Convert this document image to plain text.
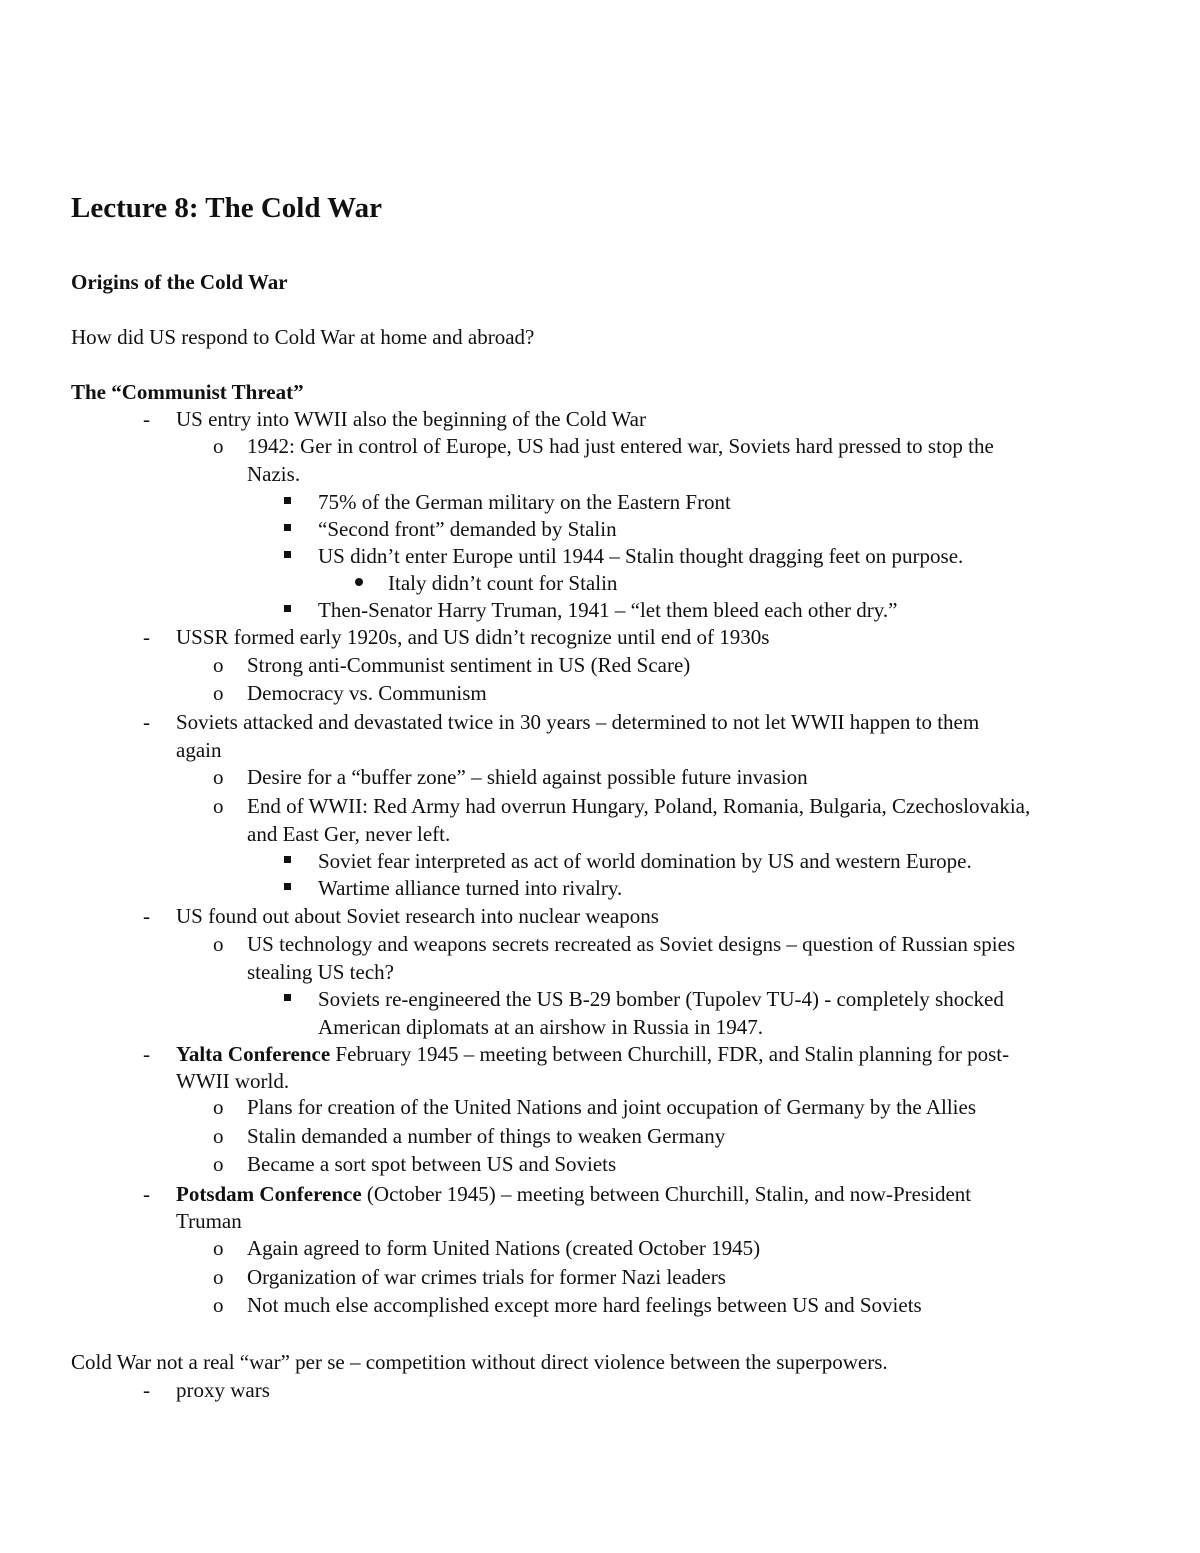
Lecture 8: The Cold War
Origins of the Cold War
How did US respond to Cold War at home and abroad?
The “Communist Threat”
- US entry into WWII also the beginning of the Cold War
o 1942: Ger in control of Europe, US had just entered war, Soviets hard pressed to stop the
Nazis.
75% of the German military on the Eastern Front
“Second front” demanded by Stalin
US didn’t enter Europe until 1944 – Stalin thought dragging feet on purpose.
Italy didn’t count for Stalin
Then-Senator Harry Truman, 1941 – “let them bleed each other dry.”
- USSR formed early 1920s, and US didn’t recognize until end of 1930s
o Strong anti-Communist sentiment in US (Red Scare)
o Democracy vs. Communism
- Soviets attacked and devastated twice in 30 years – determined to not let WWII happen to them
again
o Desire for a “buffer zone” – shield against possible future invasion
o End of WWII: Red Army had overrun Hungary, Poland, Romania, Bulgaria, Czechoslovakia,
and East Ger, never left.
Soviet fear interpreted as act of world domination by US and western Europe.
Wartime alliance turned into rivalry.
- US found out about Soviet research into nuclear weapons
o US technology and weapons secrets recreated as Soviet designs – question of Russian spies
stealing US tech?
Soviets re-engineered the US B-29 bomber (Tupolev TU-4) - completely shocked
American diplomats at an airshow in Russia in 1947.
- Yalta Conference February 1945 – meeting between Churchill, FDR, and Stalin planning for post-
WWII world.
o Plans for creation of the United Nations and joint occupation of Germany by the Allies
o Stalin demanded a number of things to weaken Germany
o Became a sort spot between US and Soviets
- Potsdam Conference (October 1945) – meeting between Churchill, Stalin, and now-President
Truman
o Again agreed to form United Nations (created October 1945)
o Organization of war crimes trials for former Nazi leaders
o Not much else accomplished except more hard feelings between US and Soviets
Cold War not a real “war” per se – competition without direct violence between the superpowers.
- proxy wars
